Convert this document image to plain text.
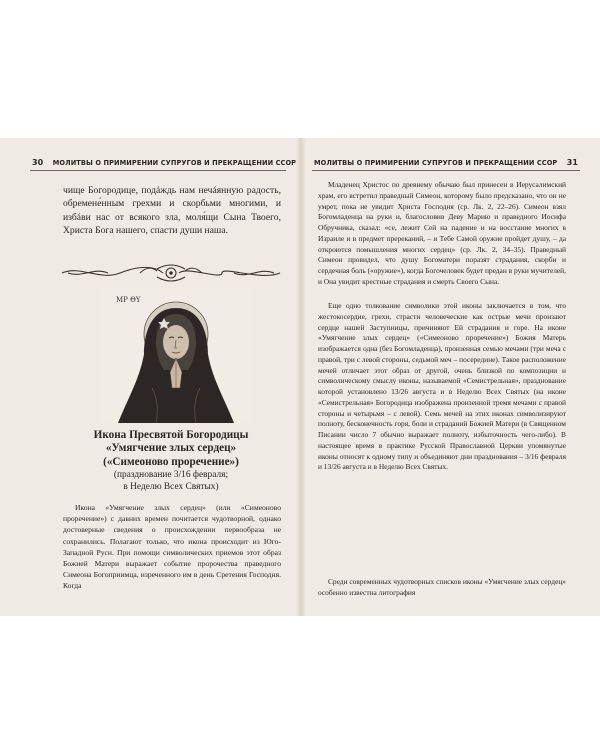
30 МОЛИТВЫ О ПРИМИРЕНИИ СУПРУГОВ И ПРЕКРАЩЕНИИ ССОР
чище Богородице, подáждь нам нечáянную радость, обремене́нным грехми и скорбьми многими, и избáви нас от всякого зла, моля́щи Сына Твоего, Христа Бога нашего, спасти души наша.
ΜΡ ΘΥ
Икона Пресвятой Богородицы
«Умягчение злых сердец»
(«Симеоново проречение»)
(празднование 3/16 февраля;
в Неделю Всех Святых)
Икона «Умягчение злых сердец» (или «Симеоново проречение») с давних времен почитается чудотворной, однако достоверные сведения о происхождении первообраза не сохранились. Полагают только, что икона происходит из Юго-Западной Руси. При помощи символических приемов этот образ Божией Матери выражает событие пророчества праведного Симеона Богоприимца, изреченного им в день Сретения Господня. Когда
МОЛИТВЫ О ПРИМИРЕНИИ СУПРУГОВ И ПРЕКРАЩЕНИИ ССОР 31
Младенец Христос по древнему обычаю был принесен в Иерусалимский храм, его встретил праведный Симеон, которому было предсказано, что он не умрет, пока не увидит Христа Господня (ср. Лк. 2, 22–26). Симеон взял Богомладенца на руки и, благословив Деву Марию и праведного Иосифа Обручника, сказал: «се, лежит Сей на падение и на восстание многих в Израиле и в предмет пререканий, – и Тебе Самой оружие пройдет душу, – да откроются помышления многих сердец» (ср. Лк. 2, 34–35). Праведный Симеон провидел, что душу Богоматери поразят страдания, скорби и сердечная боль («оружие»), когда Богочеловек будет предан в руки мучителей, и Она увидит крестные страдания и смерть Своего Сына.
Еще одно толкование символики этой иконы заключается в том, что жестокосердие, грехи, страсти человеческие как острые мечи пронзают сердце нашей Заступницы, причиняют Ей страдания и горе. На иконе «Умягчение злых сердец» («Симеоново проречение») Божия Матерь изображается одна (без Богомладенца), пронзенная семью мечами (три меча с правой, три с левой стороны, седьмой меч – посередине). Такое расположение мечей отличает этот образ от другой, очень близкой по композиции и символическому смыслу иконы, называемой «Семистрельная», празднование которой установлено 13/26 августа и в Неделю Всех Святых (на иконе «Семистрельная» Богородица изображена пронзенной тремя мечами с правой стороны и четырьмя – с левой). Семь мечей на этих иконах символизируют полноту, бесконечность горя, боли и страданий Божией Матери (в Священном Писании число 7 обычно выражает полноту, избыточность чего-либо). В настоящее время в практике Русской Православной Церкви упомянутые иконы относят к одному типу и объединяют дни празднования – 3/16 февраля и 13/26 августа и в Неделю Всех Святых.
Среди современных чудотворных списков иконы «Умягчение злых сердец» особенно известна литография
